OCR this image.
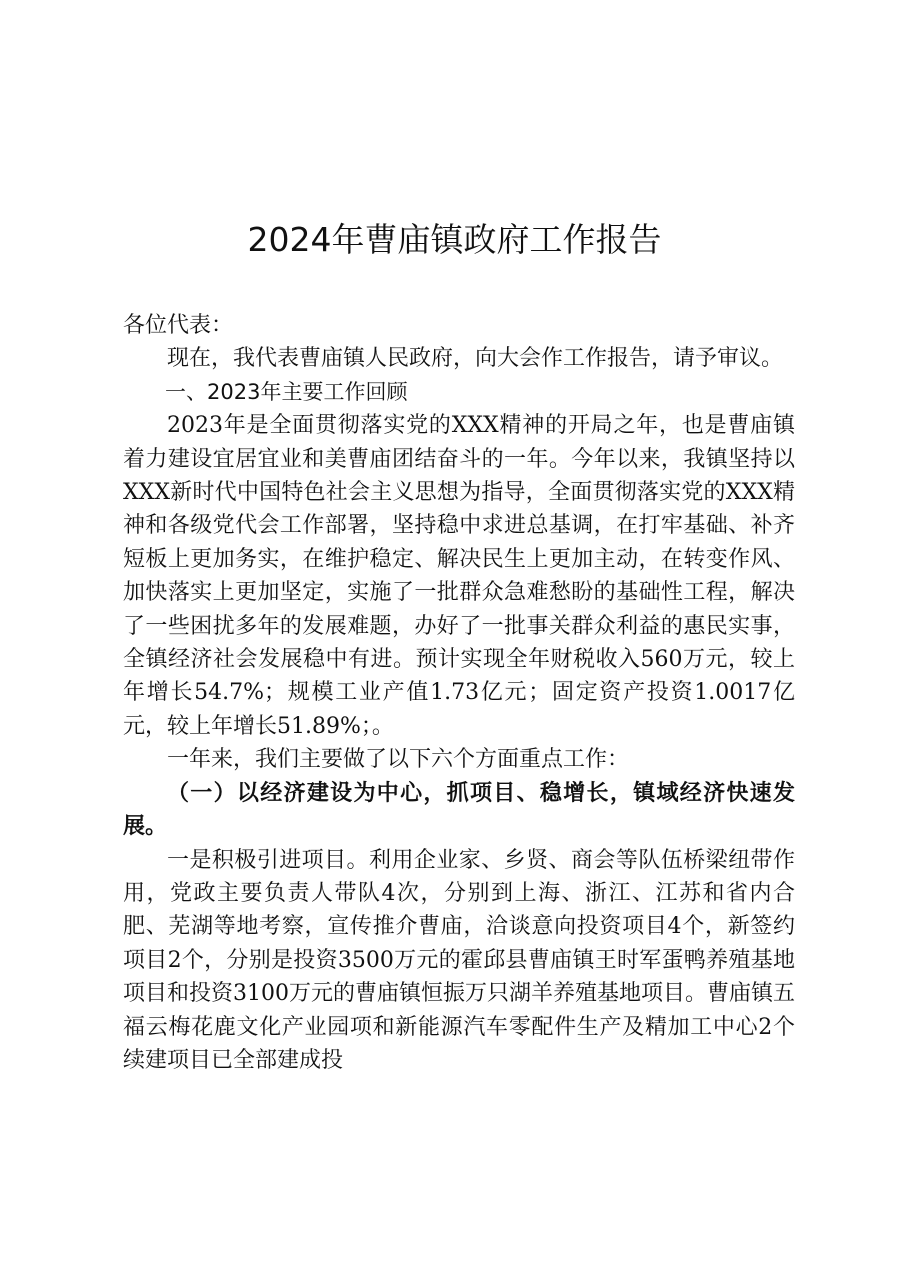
2024年曹庙镇政府工作报告

各位代表：

现在，我代表曹庙镇人民政府，向大会作工作报告，请予审议。

一、2023年主要工作回顾

2023年是全面贯彻落实党的XXX精神的开局之年，也是曹庙镇着力建设宜居宜业和美曹庙团结奋斗的一年。今年以来，我镇坚持以XXX新时代中国特色社会主义思想为指导，全面贯彻落实党的XXX精神和各级党代会工作部署，坚持稳中求进总基调，在打牢基础、补齐短板上更加务实，在维护稳定、解决民生上更加主动，在转变作风、加快落实上更加坚定，实施了一批群众急难愁盼的基础性工程，解决了一些困扰多年的发展难题，办好了一批事关群众利益的惠民实事，全镇经济社会发展稳中有进。预计实现全年财税收入560万元，较上年增长54.7%；规模工业产值1.73亿元；固定资产投资1.0017亿元，较上年增长51.89%；。

一年来，我们主要做了以下六个方面重点工作：

（一）以经济建设为中心，抓项目、稳增长，镇域经济快速发展。

一是积极引进项目。利用企业家、乡贤、商会等队伍桥梁纽带作用，党政主要负责人带队4次，分别到上海、浙江、江苏和省内合肥、芜湖等地考察，宣传推介曹庙，洽谈意向投资项目4个，新签约项目2个，分别是投资3500万元的霍邱县曹庙镇王时军蛋鸭养殖基地项目和投资3100万元的曹庙镇恒振万只湖羊养殖基地项目。曹庙镇五福云梅花鹿文化产业园项和新能源汽车零配件生产及精加工中心2个续建项目已全部建成投
